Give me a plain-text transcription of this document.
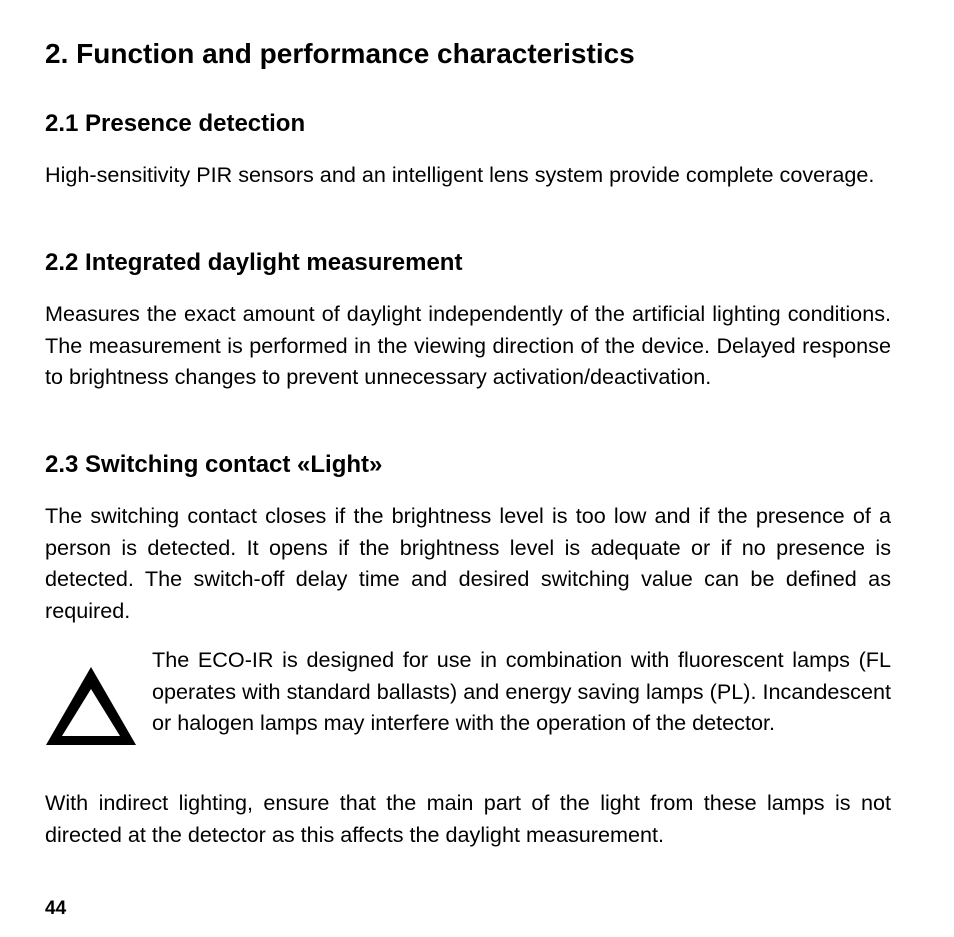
2. Function and performance characteristics
2.1 Presence detection

High-sensitivity PIR sensors and an intelligent lens system provide complete coverage.

2.2 Integrated daylight measurement

Measures the exact amount of daylight independently of the artificial lighting conditions. The measurement is performed in the viewing direction of the device. Delayed response to brightness changes to prevent unnecessary activation/deactivation.

2.3 Switching contact «Light»

The switching contact closes if the brightness level is too low and if the presence of a person is detected. It opens if the brightness level is adequate or if no presence is detected. The switch-off delay time and desired switching value can be defined as required.

The ECO-IR is designed for use in combination with fluorescent lamps (FL operates with standard ballasts) and energy saving lamps (PL). Incandescent or halogen lamps may interfere with the operation of the detector.

With indirect lighting, ensure that the main part of the light from these lamps is not directed at the detector as this affects the daylight measurement.

44
